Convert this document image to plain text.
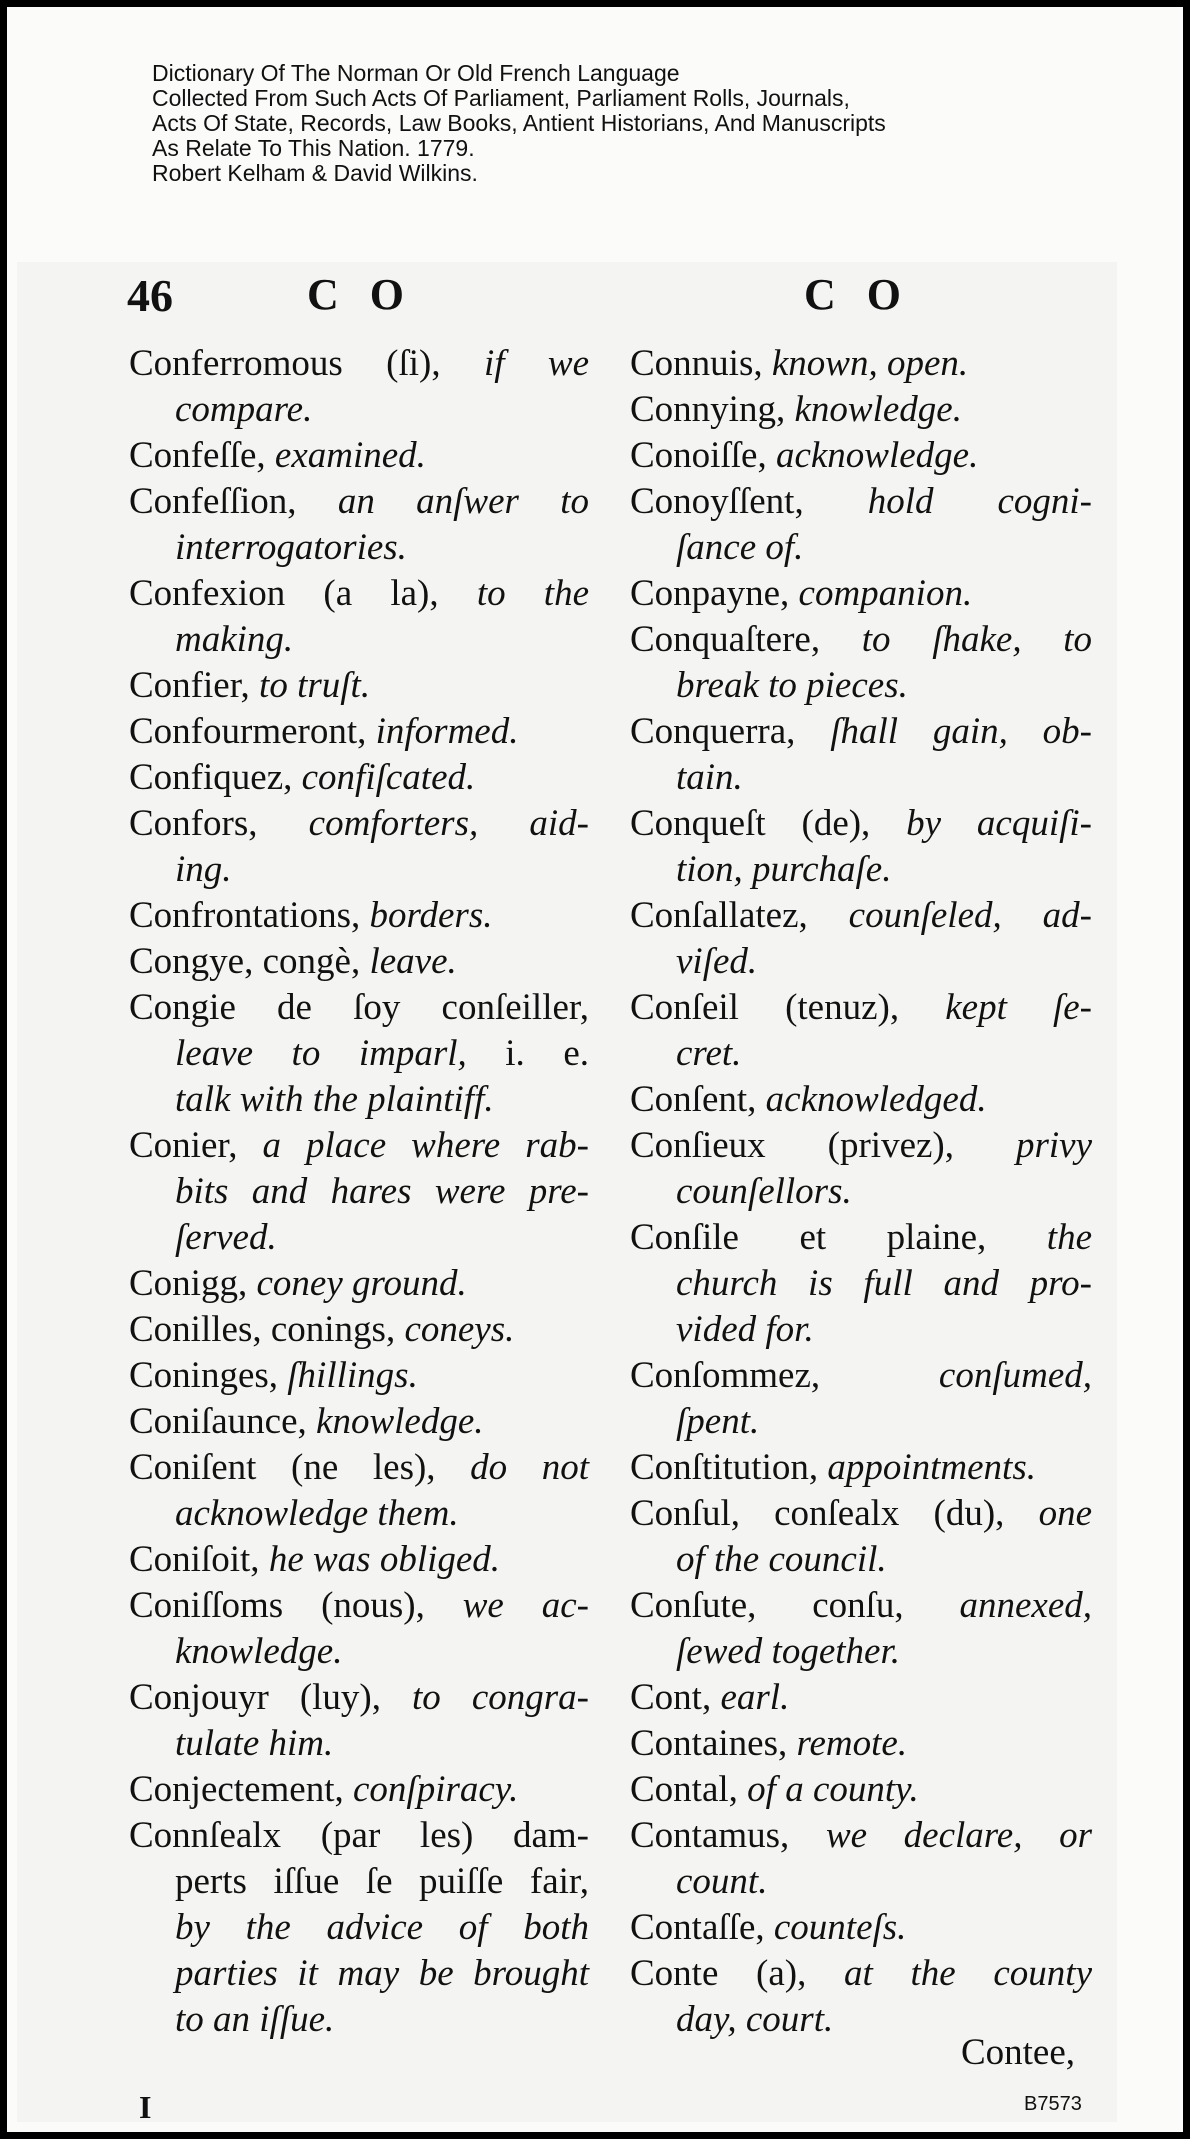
Dictionary Of The Norman Or Old French Language
Collected From Such Acts Of Parliament, Parliament Rolls, Journals,
Acts Of State, Records, Law Books, Antient Historians, And Manuscripts
As Relate To This Nation. 1779.
Robert Kelham & David Wilkins.
46	C O	C O
Conferromous (ſi), if we
compare.
Confeſſe, examined.
Confeſſion, an anſwer to
interrogatories.
Confexion (a la), to the
making.
Confier, to truſt.
Confourmeront, informed.
Confiquez, confiſcated.
Confors, comforters, aid-
ing.
Confrontations, borders.
Congye, congè, leave.
Congie de ſoy conſeiller,
leave to imparl, i. e.
talk with the plaintiff.
Conier, a place where rab-
bits and hares were pre-
ſerved.
Conigg, coney ground.
Conilles, conings, coneys.
Coninges, ſhillings.
Coniſaunce, knowledge.
Coniſent (ne les), do not
acknowledge them.
Coniſoit, he was obliged.
Coniſſoms (nous), we ac-
knowledge.
Conjouyr (luy), to congra-
tulate him.
Conjectement, conſpiracy.
Connſealx (par les) dam-
perts iſſue ſe puiſſe fair,
by the advice of both
parties it may be brought
to an iſſue.
Connuis, known, open.
Connying, knowledge.
Conoiſſe, acknowledge.
Conoyſſent, hold cogni-
ſance of.
Conpayne, companion.
Conquaſtere, to ſhake, to
break to pieces.
Conquerra, ſhall gain, ob-
tain.
Conqueſt (de), by acquiſi-
tion, purchaſe.
Conſallatez, counſeled, ad-
viſed.
Conſeil (tenuz), kept ſe-
cret.
Conſent, acknowledged.
Conſieux (privez), privy
counſellors.
Conſile et plaine, the
church is full and pro-
vided for.
Conſommez, conſumed,
ſpent.
Conſtitution, appointments.
Conſul, conſealx (du), one
of the council.
Conſute, conſu, annexed,
ſewed together.
Cont, earl.
Containes, remote.
Contal, of a county.
Contamus, we declare, or
count.
Contaſſe, counteſs.
Conte (a), at the county
day, court.
Contee,
I	B7573
